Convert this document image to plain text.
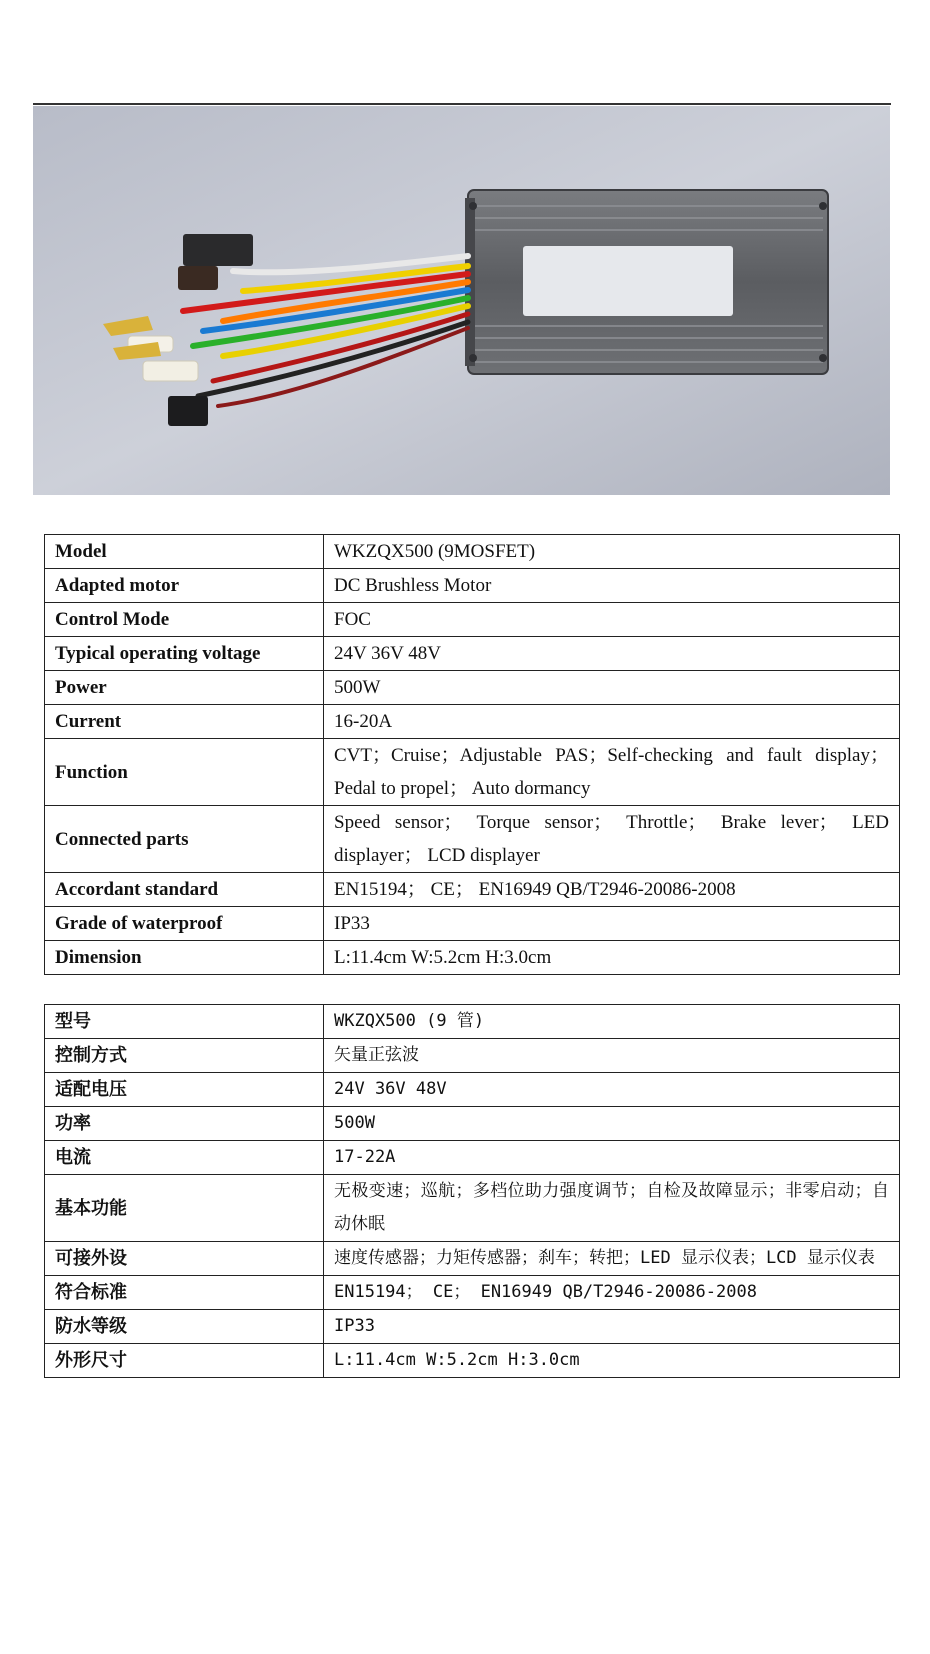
Model	WKZQX500 (9MOSFET)
Adapted motor	DC Brushless Motor
Control Mode	FOC
Typical operating voltage	24V 36V 48V
Power	500W
Current	16-20A
Function	CVT；Cruise；Adjustable PAS；Self-checking and fault display；Pedal to propel； Auto dormancy
Connected parts	Speed sensor； Torque sensor； Throttle； Brake lever； LED displayer； LCD displayer
Accordant standard	EN15194； CE； EN16949 QB/T2946-20086-2008
Grade of waterproof	IP33
Dimension	L:11.4cm W:5.2cm H:3.0cm
型号	WKZQX500 (9 管)
控制方式	矢量正弦波
适配电压	24V 36V 48V
功率	500W
电流	17-22A
基本功能	无极变速；巡航；多档位助力强度调节；自检及故障显示；非零启动；自动休眠
可接外设	速度传感器；力矩传感器；刹车；转把；LED 显示仪表；LCD 显示仪表
符合标准	EN15194； CE； EN16949 QB/T2946-20086-2008
防水等级	IP33
外形尺寸	L:11.4cm W:5.2cm H:3.0cm
